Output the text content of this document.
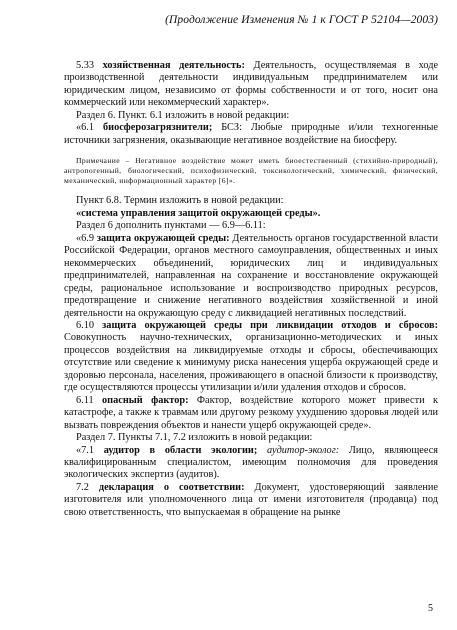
(Продолжение Изменения № 1 к ГОСТ Р 52104—2003)

5.33 хозяйственная деятельность: Деятельность, осуществляемая в ходе производственной деятельности индивидуальным предпринимателем или юридическим лицом, независимо от формы собственности и от того, носит она коммерческий или некоммерческий характер».

Раздел 6. Пункт. 6.1 изложить в новой редакции:

«6.1 биосферозагрязнители; БСЗ: Любые природные и/или техногенные источники загрязнения, оказывающие негативное воздействие на биосферу.

Примечание – Негативное воздействие может иметь биоестественный (стихийно-природный), антропогенный, биологический, психофизический, токсикологический, химический, физический, механический, информационный характер [6]».

Пункт 6.8. Термин изложить в новой редакции:

«система управления защитой окружающей среды».

Раздел 6 дополнить пунктами — 6.9—6.11:

«6.9 защита окружающей среды: Деятельность органов государственной власти Российской Федерации, органов местного самоуправления, общественных и иных некоммерческих объединений, юридических лиц и индивидуальных предпринимателей, направленная на сохранение и восстановление окружающей среды, рациональное использование и воспроизводство природных ресурсов, предотвращение и снижение негативного воздействия хозяйственной и иной деятельности на окружающую среду с ликвидацией негативных последствий.

6.10 защита окружающей среды при ликвидации отходов и сбросов: Совокупность научно-технических, организационно-методических и иных процессов воздействия на ликвидируемые отходы и сбросы, обеспечивающих отсутствие или сведение к минимуму риска нанесения ущерба окружающей среде и здоровью персонала, населения, проживающего в опасной близости к производству, где осуществляются процессы утилизации и/или удаления отходов и сбросов.

6.11 опасный фактор: Фактор, воздействие которого может привести к катастрофе, а также к травмам или другому резкому ухудшению здоровья людей или вызвать повреждения объектов и нанести ущерб окружающей среде».

Раздел 7. Пункты 7.1, 7.2 изложить в новой редакции:

«7.1 аудитор в области экологии; аудитор-эколог: Лицо, являющееся квалифицированным специалистом, имеющим полномочия для проведения экологических экспертиз (аудитов).

7.2 декларация о соответствии: Документ, удостоверяющий заявление изготовителя или уполномоченного лица от имени изготовителя (продавца) под свою ответственность, что выпускаемая в обращение на рынке

5
